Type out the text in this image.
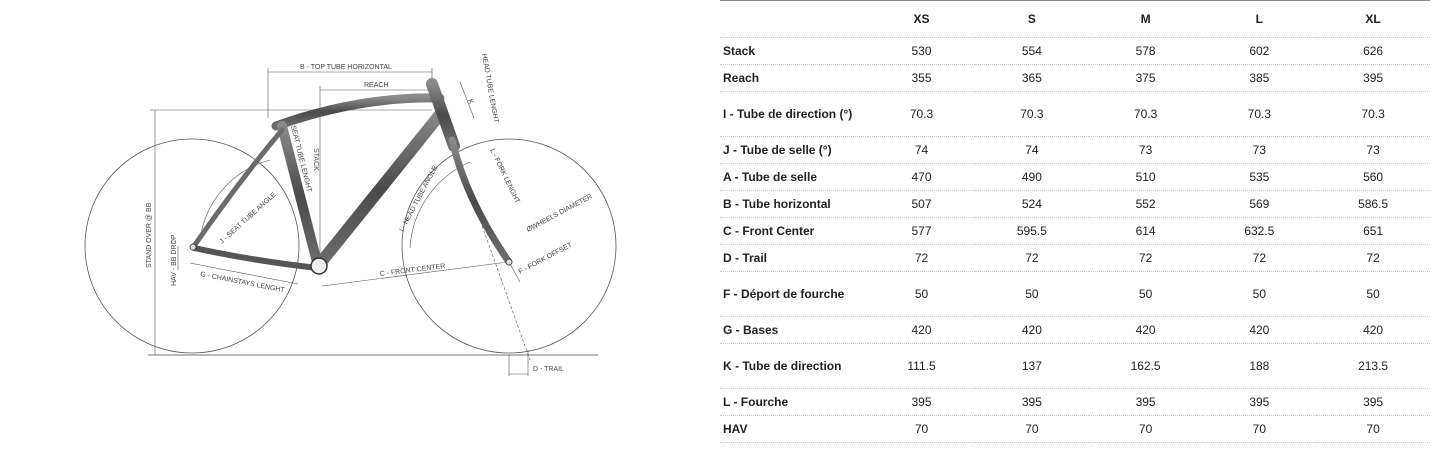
B - TOP TUBE HORIZONTAL
REACH	HEAD TUBE LENGHT
K
STACK
SEAT TUBE LENGHT
J - SEAT TUBE ANGLE	I - HEAD TUBE ANGLE	L - FORK LENGHT
ØWHEELS DIAMETER
STAND OVER @ BB	HAV - BB DROP	G - CHAINSTAYS LENGHT
C - FRONT CENTER	F - FORK OFFSET
D - TRAIL
	XS	S	M	L	XL
Stack	530	554	578	602	626
Reach	355	365	375	385	395
I - Tube de direction (°)	70.3	70.3	70.3	70.3	70.3
J - Tube de selle (°)	74	74	73	73	73
A - Tube de selle	470	490	510	535	560
B - Tube horizontal	507	524	552	569	586.5
C - Front Center	577	595.5	614	632.5	651
D - Trail	72	72	72	72	72
F - Déport de fourche	50	50	50	50	50
G - Bases	420	420	420	420	420
K - Tube de direction	111.5	137	162.5	188	213.5
L - Fourche	395	395	395	395	395
HAV	70	70	70	70	70
